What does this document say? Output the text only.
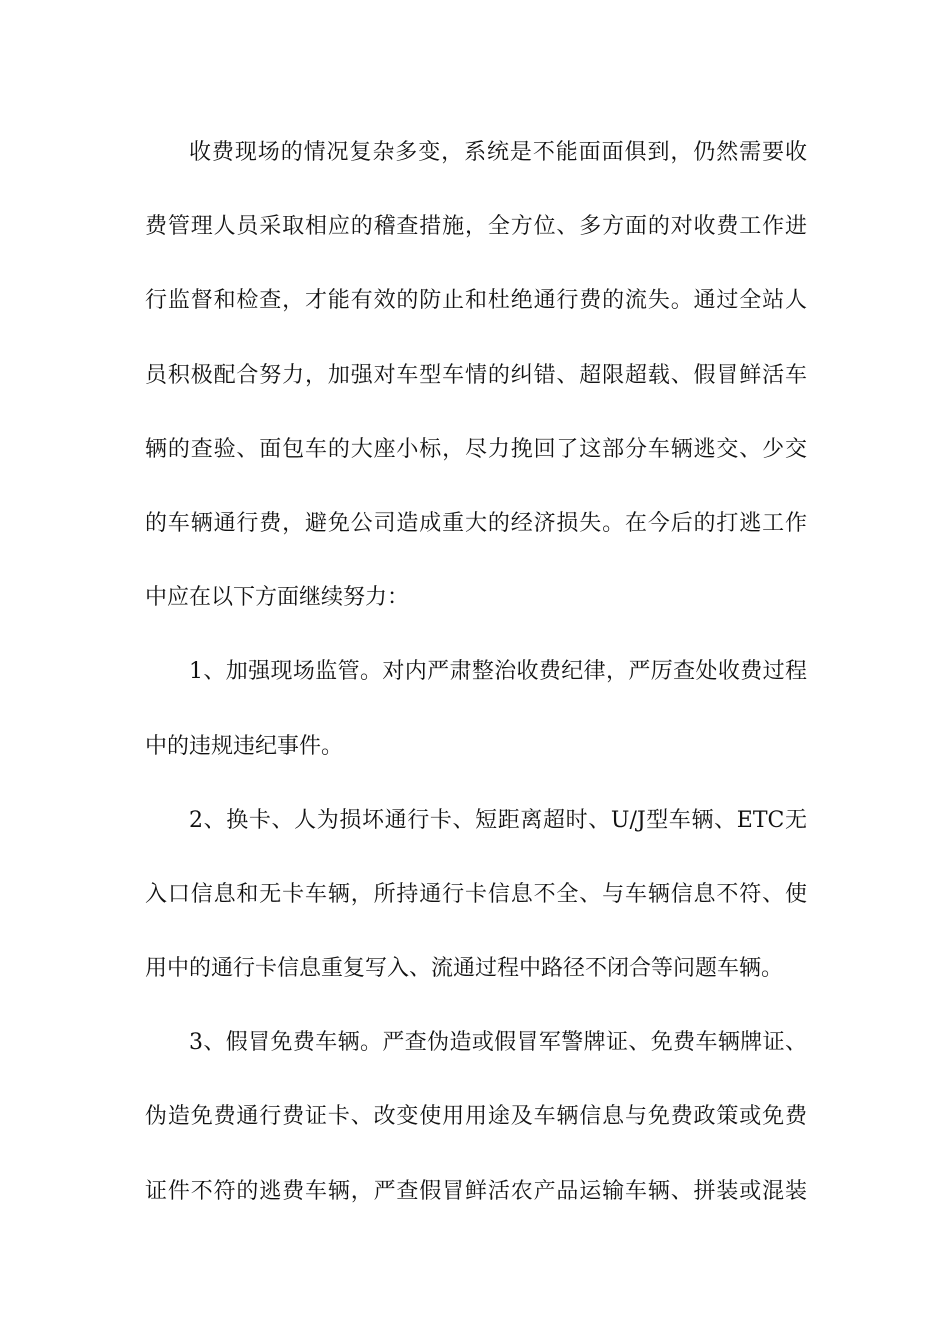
收费现场的情况复杂多变，系统是不能面面俱到，仍然需要收
费管理人员采取相应的稽查措施，全方位、多方面的对收费工作进
行监督和检查，才能有效的防止和杜绝通行费的流失。通过全站人
员积极配合努力，加强对车型车情的纠错、超限超载、假冒鲜活车
辆的查验、面包车的大座小标，尽力挽回了这部分车辆逃交、少交
的车辆通行费，避免公司造成重大的经济损失。在今后的打逃工作
中应在以下方面继续努力：
1、加强现场监管。对内严肃整治收费纪律，严厉查处收费过程
中的违规违纪事件。
2、换卡、人为损坏通行卡、短距离超时、U/J型车辆、ETC无
入口信息和无卡车辆，所持通行卡信息不全、与车辆信息不符、使
用中的通行卡信息重复写入、流通过程中路径不闭合等问题车辆。
3、假冒免费车辆。严查伪造或假冒军警牌证、免费车辆牌证、
伪造免费通行费证卡、改变使用用途及车辆信息与免费政策或免费
证件不符的逃费车辆，严查假冒鲜活农产品运输车辆、拼装或混装
